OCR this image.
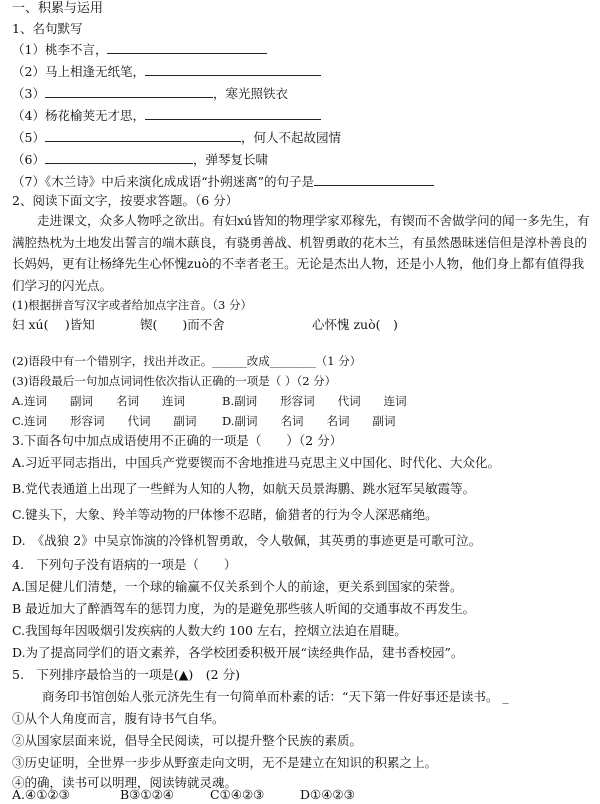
一、积累与运用
1、名句默写
（1）桃李不言，
（2）马上相逢无纸笔，
（3）	，寒光照铁衣
（4）杨花榆荚无才思，
（5）	，何人不起故园情
（6）	，弹琴复长啸
（7）《木兰诗》中后来演化成成语“扑朔迷离”的句子是
2、阅读下面文字，按要求答题。（6 分）
走进课文，众多人物呼之欲出。有妇xú皆知的物理学家邓稼先，有锲而不舍做学问的闻一多先生，有满腔热枕为土地发出誓言的端木蕻良，有骁勇善战、机智勇敢的花木兰，有虽然愚昧迷信但是淳朴善良的长妈妈，更有让杨绛先生心怀愧zuò的不幸者老王。无论是杰出人物，还是小人物，他们身上都有值得我们学习的闪光点。
(1)根据拼音写汉字或者给加点字注音。（3 分）
妇 xú(　 )皆知	锲(　　)而不舍	心怀愧 zuò(　)
(2)语段中有一个错别字，找出并改正。______改成________（1 分）
(3)语段最后一句加点词词性依次指认正确的一项是（ ）（2 分）
A.连词　　副词　　名词　　连词	B.副词　　形容词　　代词　　连词
C.连词　　形容词　　代词　　副词 D.副词　　名词　　名词　　副词
3.下面各句中加点成语使用不正确的一项是（　　）（2 分）
A.习近平同志指出，中国兵产党要锲而不舍地推进马克思主义中国化、时代化、大众化。
B.党代表通道上出现了一些鲜为人知的人物，如航天员景海鹏、跳水冠军吴敏霞等。
C.键头下，大象、羚羊等动物的尸体惨不忍睹，偷猎者的行为令人深恶痛绝。
D.　《战狼 2》中吴京饰演的冷锋机智勇敢，令人敬佩，其英勇的事迹更是可歌可泣。
4.　下列句子没有语病的一项是（　　）
A.国足健儿们清楚，一个球的输赢不仅关系到个人的前途，更关系到国家的荣誉。
B 最近加大了醉酒驾车的惩罚力度，为的是避免那些骇人听闻的交通事故不再发生。
C.我国每年因吸烟引发疾病的人数大约 100 左右，控烟立法迫在眉睫。
D.为了提高同学们的语文素养，各学校团委积极开展“读经典作品，建书香校园”。
5.　下列排序最恰当的一项是(▲)　(2 分)
商务印书馆创始人张元济先生有一句简单而朴素的话：“天下第一件好事还是读书。 _
①从个人角度而言，腹有诗书气自华。
②从国家层面来说，倡导全民阅读，可以提升整个民族的素质。
③历史证明，全世界一步步从野蛮走向文明，无不是建立在知识的积累之上。
④的确，读书可以明理，阅读铸就灵魂。
A.④①②③	B③①②④	C①④②③	D①④②③
